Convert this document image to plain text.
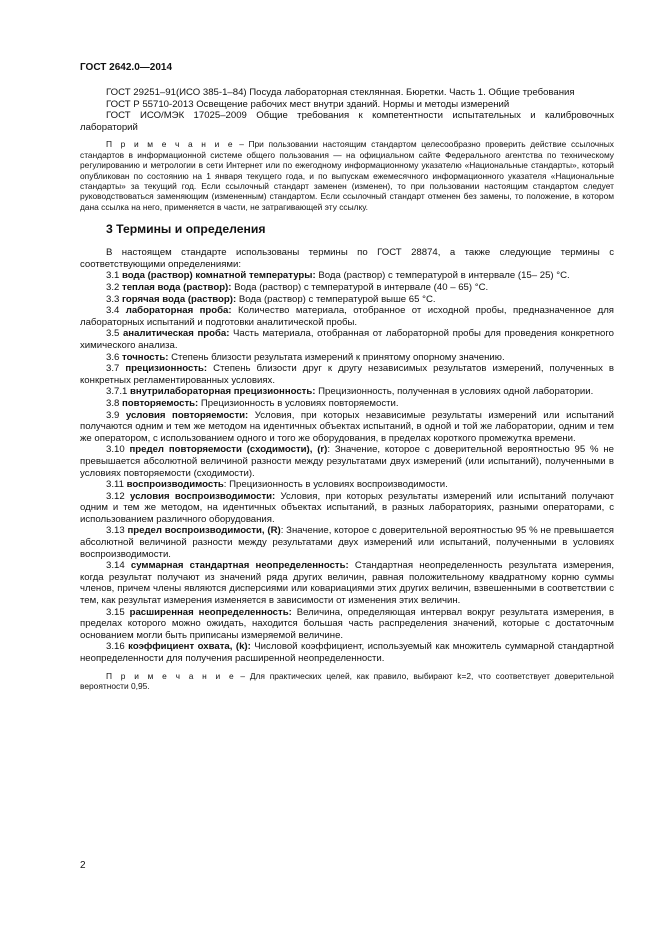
ГОСТ 2642.0—2014

ГОСТ 29251–91(ИСО 385-1–84) Посуда лабораторная стеклянная. Бюретки. Часть 1. Общие требования

ГОСТ Р 55710-2013 Освещение рабочих мест внутри зданий. Нормы и методы измерений

ГОСТ ИСО/МЭК 17025–2009 Общие требования к компетентности испытательных и калибровочных лабораторий

П р и м е ч а н и е – При пользовании настоящим стандартом целесообразно проверить действие ссылочных стандартов в информационной системе общего пользования — на официальном сайте Федерального агентства по техническому регулированию и метрологии в сети Интернет или по ежегодному информационному указателю «Национальные стандарты», который опубликован по состоянию на 1 января текущего года, и по выпускам ежемесячного информационного указателя «Национальные стандарты» за текущий год. Если ссылочный стандарт заменен (изменен), то при пользовании настоящим стандартом следует руководствоваться заменяющим (измененным) стандартом. Если ссылочный стандарт отменен без замены, то положение, в котором дана ссылка на него, применяется в части, не затрагивающей эту ссылку.

3 Термины и определения

В настоящем стандарте использованы термины по ГОСТ 28874, а также следующие термины с соответствующими определениями:

3.1 вода (раствор) комнатной температуры: Вода (раствор) с температурой в интервале (15– 25) °С.

3.2 теплая вода (раствор): Вода (раствор) с температурой в интервале (40 – 65) °С.

3.3 горячая вода (раствор): Вода (раствор) с температурой выше 65 °С.

3.4 лабораторная проба: Количество материала, отобранное от исходной пробы, предназначенное для лабораторных испытаний и подготовки аналитической пробы.

3.5 аналитическая проба: Часть материала, отобранная от лабораторной пробы для проведения конкретного химического анализа.

3.6 точность: Степень близости результата измерений к принятому опорному значению.

3.7 прецизионность: Степень близости друг к другу независимых результатов измерений, полученных в конкретных регламентированных условиях.

3.7.1 внутрилабораторная прецизионность: Прецизионность, полученная в условиях одной лаборатории.

3.8 повторяемость: Прецизионность в условиях повторяемости.

3.9 условия повторяемости: Условия, при которых независимые результаты измерений или испытаний получаются одним и тем же методом на идентичных объектах испытаний, в одной и той же лаборатории, одним и тем же оператором, с использованием одного и того же оборудования, в пределах короткого промежутка времени.

3.10 предел повторяемости (сходимости), (r): Значение, которое с доверительной вероятностью 95 % не превышается абсолютной величиной разности между результатами двух измерений (или испытаний), полученными в условиях повторяемости (сходимости).

3.11 воспроизводимость: Прецизионность в условиях воспроизводимости.

3.12 условия воспроизводимости: Условия, при которых результаты измерений или испытаний получают одним и тем же методом, на идентичных объектах испытаний, в разных лабораториях, разными операторами, с использованием различного оборудования.

3.13 предел воспроизводимости, (R): Значение, которое с доверительной вероятностью 95 % не превышается абсолютной величиной разности между результатами двух измерений или испытаний, полученными в условиях воспроизводимости.

3.14 суммарная стандартная неопределенность: Стандартная неопределенность результата измерения, когда результат получают из значений ряда других величин, равная положительному квадратному корню суммы членов, причем члены являются дисперсиями или ковариациями этих других величин, взвешенными в соответствии с тем, как результат измерения изменяется в зависимости от изменения этих величин.

3.15 расширенная неопределенность: Величина, определяющая интервал вокруг результата измерения, в пределах которого можно ожидать, находится большая часть распределения значений, которые с достаточным основанием могли быть приписаны измеряемой величине.

3.16 коэффициент охвата, (k): Числовой коэффициент, используемый как множитель суммарной стандартной неопределенности для получения расширенной неопределенности.

П р и м е ч а н и е – Для практических целей, как правило, выбирают k=2, что соответствует доверительной вероятности 0,95.

2
